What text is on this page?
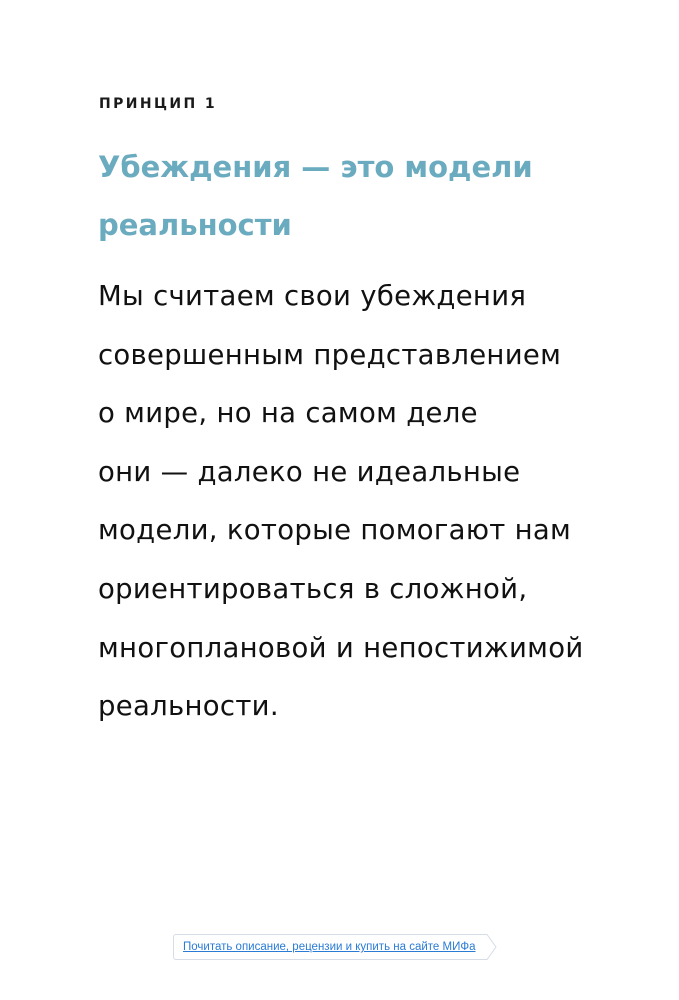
ПРИНЦИП 1
Убеждения — это модели
реальности

Мы считаем свои убеждения
совершенным представлением
о мире, но на самом деле
они — далеко не идеальные
модели, которые помогают нам
ориентироваться в сложной,
многоплановой и непостижимой
реальности.

Почитать описание, рецензии и купить на сайте МИФа
